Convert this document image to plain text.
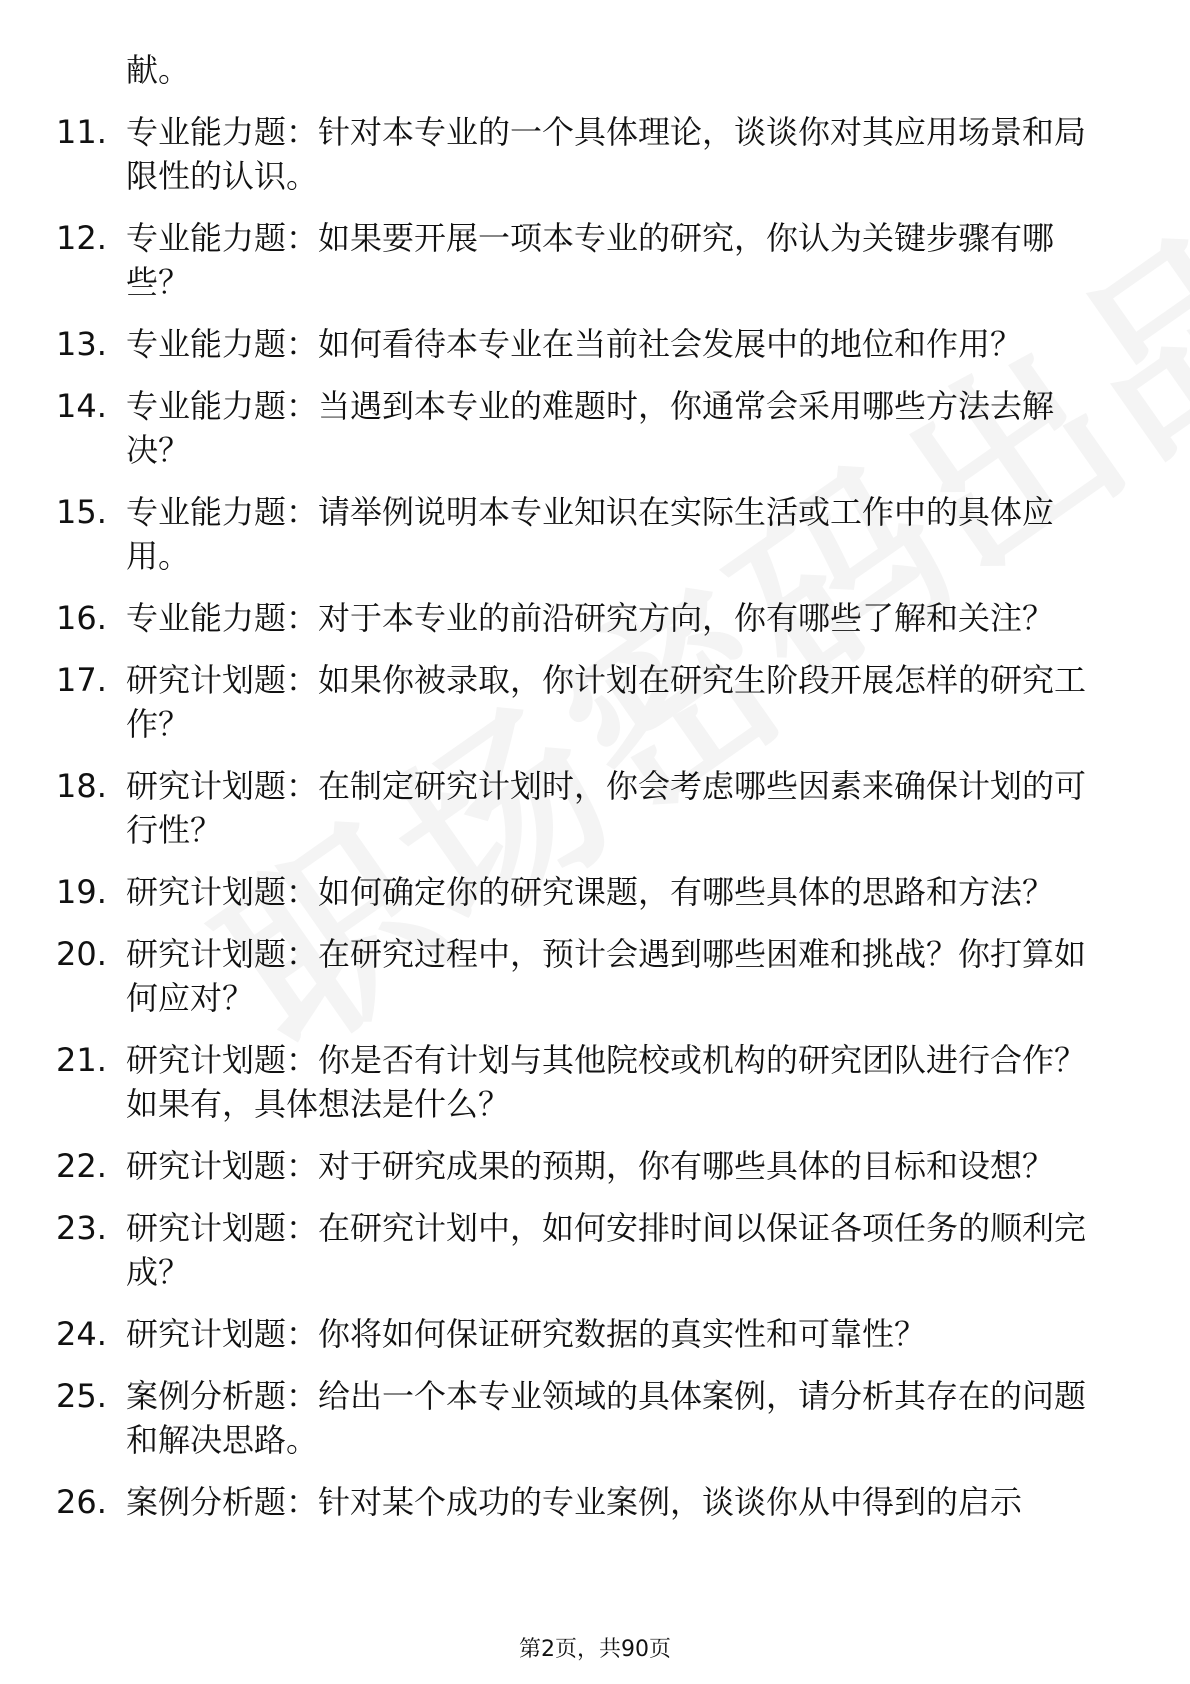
献。
11. 专业能力题：针对本专业的一个具体理论，谈谈你对其应用场景和局限性的认识。
12. 专业能力题：如果要开展一项本专业的研究，你认为关键步骤有哪些？
13. 专业能力题：如何看待本专业在当前社会发展中的地位和作用？
14. 专业能力题：当遇到本专业的难题时，你通常会采用哪些方法去解决？
15. 专业能力题：请举例说明本专业知识在实际生活或工作中的具体应用。
16. 专业能力题：对于本专业的前沿研究方向，你有哪些了解和关注？
17. 研究计划题：如果你被录取，你计划在研究生阶段开展怎样的研究工作？
18. 研究计划题：在制定研究计划时，你会考虑哪些因素来确保计划的可行性？
19. 研究计划题：如何确定你的研究课题，有哪些具体的思路和方法？
20. 研究计划题：在研究过程中，预计会遇到哪些困难和挑战？你打算如何应对？
21. 研究计划题：你是否有计划与其他院校或机构的研究团队进行合作？如果有，具体想法是什么？
22. 研究计划题：对于研究成果的预期，你有哪些具体的目标和设想？
23. 研究计划题：在研究计划中，如何安排时间以保证各项任务的顺利完成？
24. 研究计划题：你将如何保证研究数据的真实性和可靠性？
25. 案例分析题：给出一个本专业领域的具体案例，请分析其存在的问题和解决思路。
26. 案例分析题：针对某个成功的专业案例，谈谈你从中得到的启示
第2页，共90页
